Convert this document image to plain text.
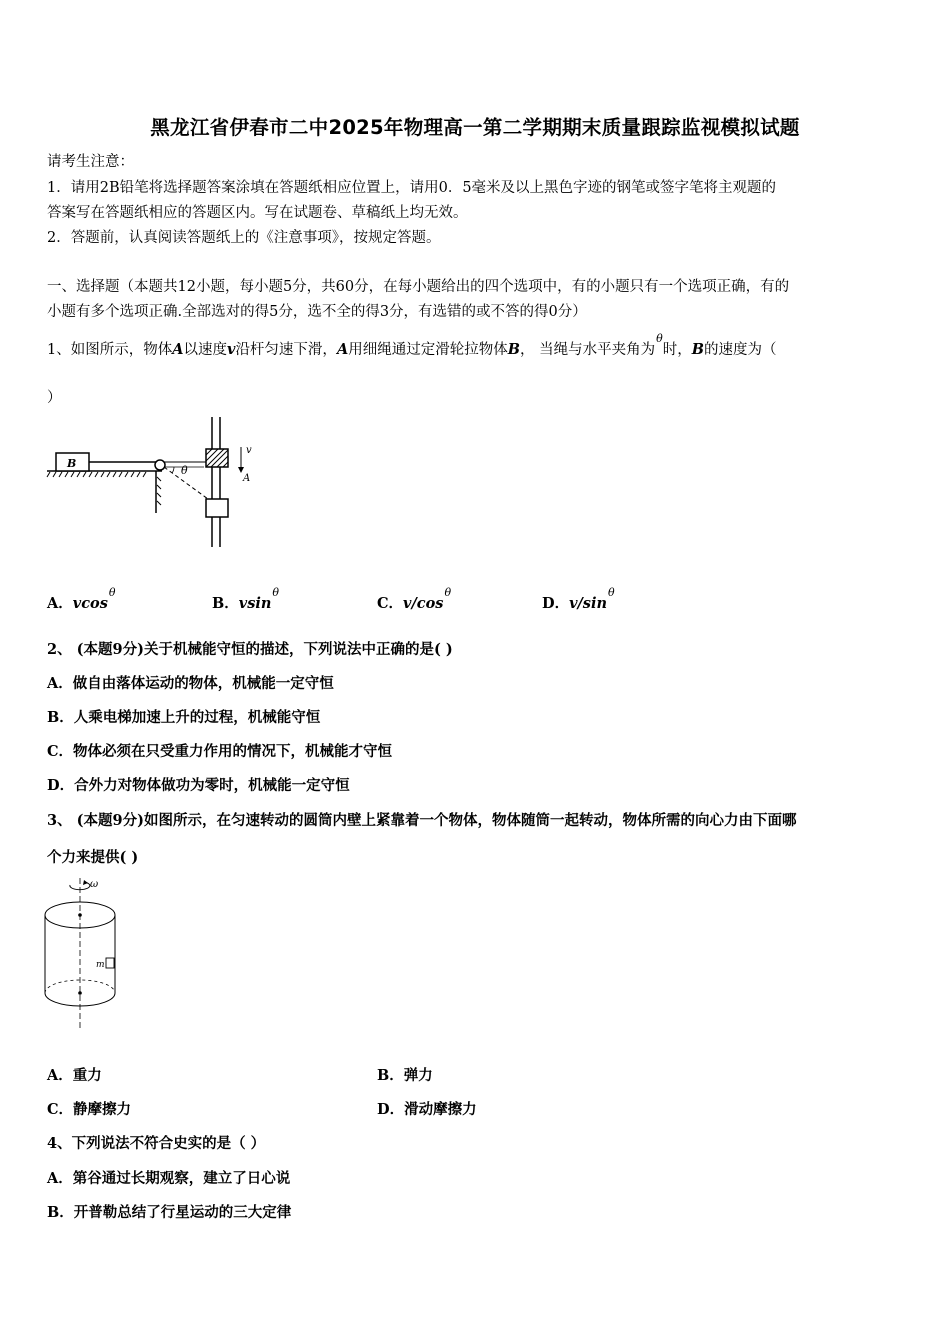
黑龙江省伊春市二中2025年物理高一第二学期期末质量跟踪监视模拟试题
请考生注意：
1．请用2B铅笔将选择题答案涂填在答题纸相应位置上，请用0．5毫米及以上黑色字迹的钢笔或签字笔将主观题的
答案写在答题纸相应的答题区内。写在试题卷、草稿纸上均无效。
2．答题前，认真阅读答题纸上的《注意事项》，按规定答题。
一、选择题（本题共12小题，每小题5分，共60分，在每小题给出的四个选项中，有的小题只有一个选项正确，有的
小题有多个选项正确.全部选对的得5分，选不全的得3分，有选错的或不答的得0分）
1、如图所示，物体A以速度v沿杆匀速下滑，A用细绳通过定滑轮拉物体B， 当绳与水平夹角为$^\theta$时，B的速度为（
）
B
θ
v
A
A．vcos$^\theta$
B．vsin$^\theta$
C．$v/\cos^\theta$
D．$v/\sin^\theta$
2、 (本题9分)关于机械能守恒的描述，下列说法中正确的是( )
A．做自由落体运动的物体，机械能一定守恒
B．人乘电梯加速上升的过程，机械能守恒
C．物体必须在只受重力作用的情况下，机械能才守恒
D．合外力对物体做功为零时，机械能一定守恒
3、 (本题9分)如图所示，在匀速转动的圆筒内壁上紧靠着一个物体，物体随筒一起转动，物体所需的向心力由下面哪
个力来提供( )
ω
m
A．重力	B．弹力
C．静摩擦力	D．滑动摩擦力
4、下列说法不符合史实的是（ ）
A．第谷通过长期观察，建立了日心说
B．开普勒总结了行星运动的三大定律
